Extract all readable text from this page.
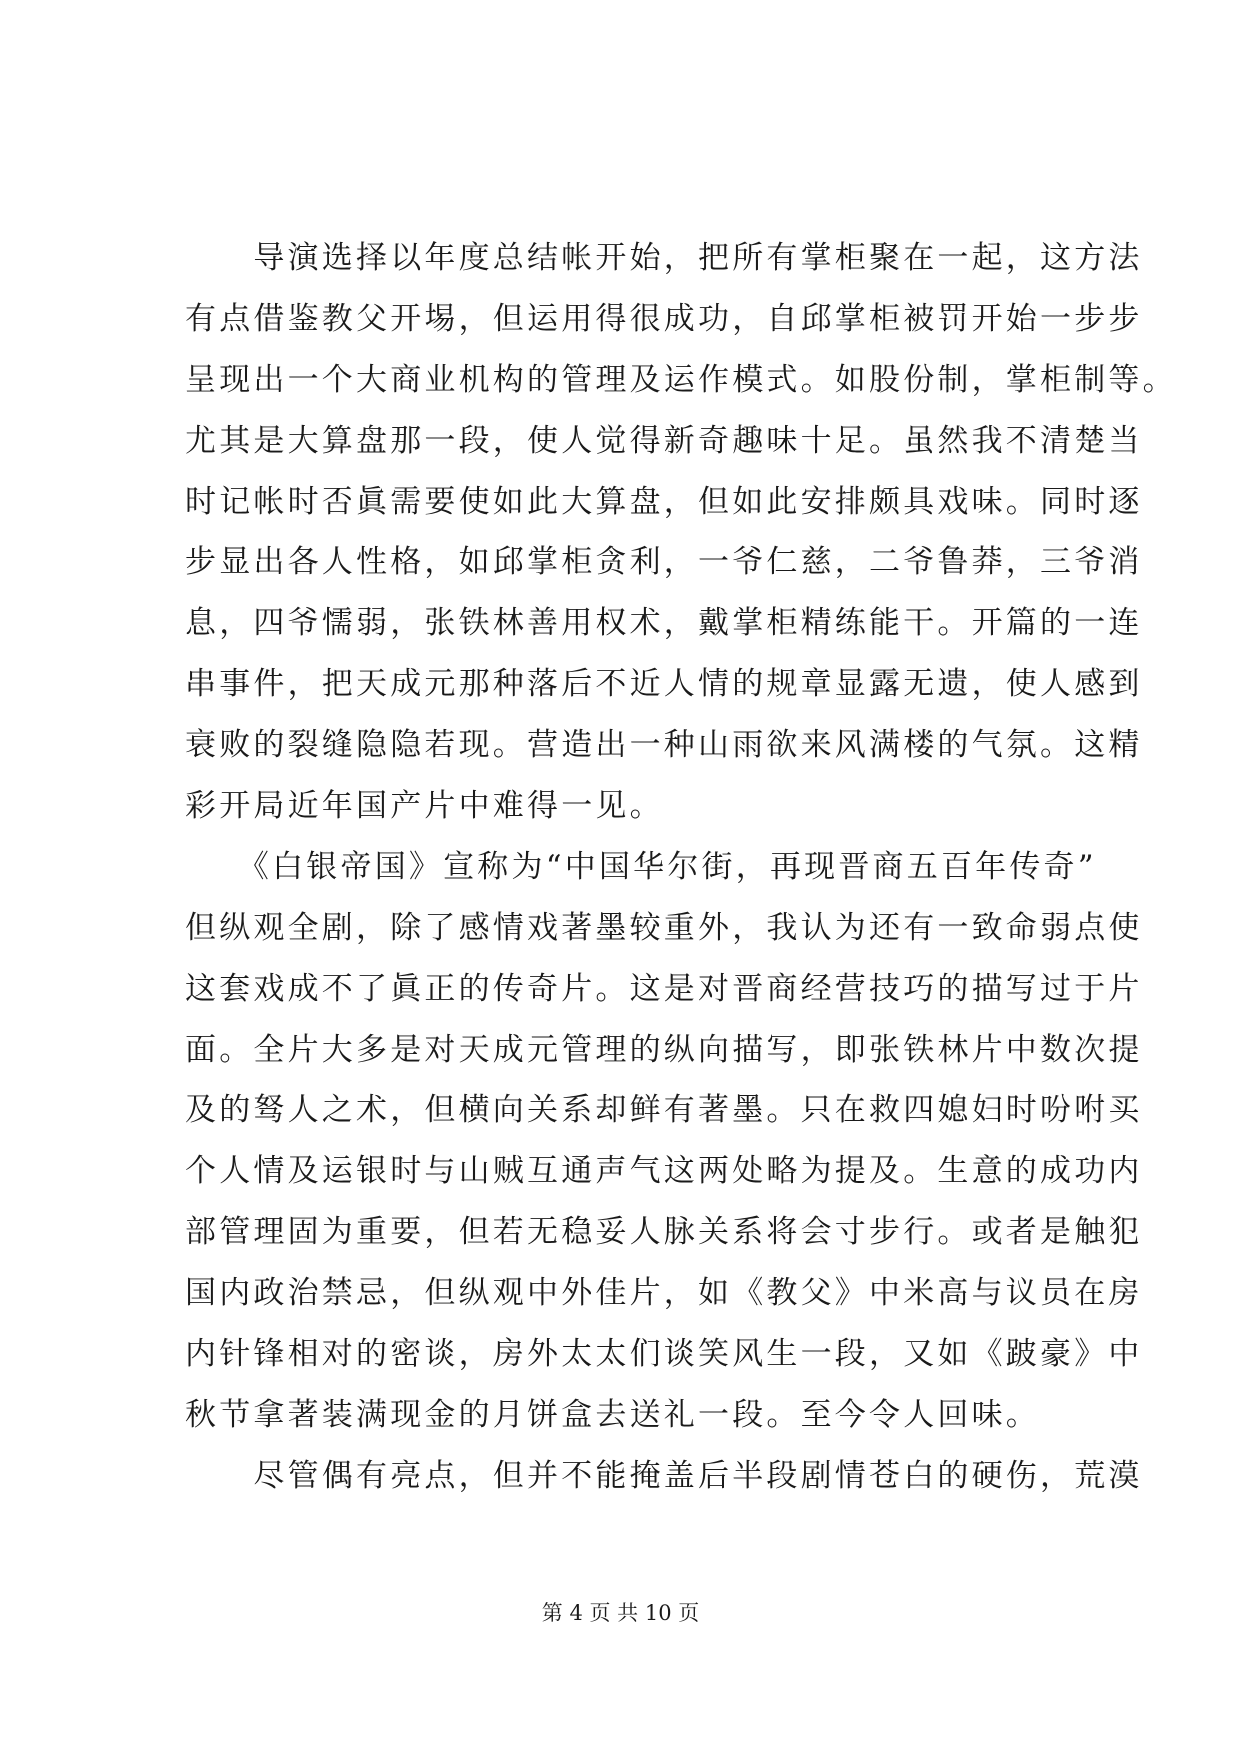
　　导演选择以年度总结帐开始，把所有掌柜聚在一起，这方法
有点借鉴教父开埸，但运用得很成功，自邱掌柜被罚开始一步步
呈现出一个大商业机构的管理及运作模式。如股份制，掌柜制等。
尤其是大算盘那一段，使人觉得新奇趣味十足。虽然我不清楚当
时记帐时否眞需要使如此大算盘，但如此安排颇具戏味。同时逐
步显出各人性格，如邱掌柜贪利，一爷仁慈，二爷鲁莽，三爷消
息，四爷懦弱，张铁林善用权术，戴掌柜精练能干。开篇的一连
串事件，把天成元那种落后不近人情的规章显露无遗，使人感到
衰败的裂缝隐隐若现。营造出一种山雨欲来风满楼的气氛。这精
彩开局近年国产片中难得一见。
　　《白银帝国》宣称为“中国华尔街，再现晋商五百年传奇”
但纵观全剧，除了感情戏著墨较重外，我认为还有一致命弱点使
这套戏成不了眞正的传奇片。这是对晋商经营技巧的描写过于片
面。全片大多是对天成元管理的纵向描写，即张铁林片中数次提
及的驽人之术，但横向关系却鲜有著墨。只在救四媳妇时吩咐买
个人情及运银时与山贼互通声气这两处略为提及。生意的成功内
部管理固为重要，但若无稳妥人脉关系将会寸步行。或者是触犯
国内政治禁忌，但纵观中外佳片，如《教父》中米高与议员在房
内针锋相对的密谈，房外太太们谈笑风生一段，又如《跛豪》中
秋节拿著装满现金的月饼盒去送礼一段。至今令人回味。
　　尽管偶有亮点，但并不能掩盖后半段剧情苍白的硬伤，荒漠
第 4 页 共 10 页
